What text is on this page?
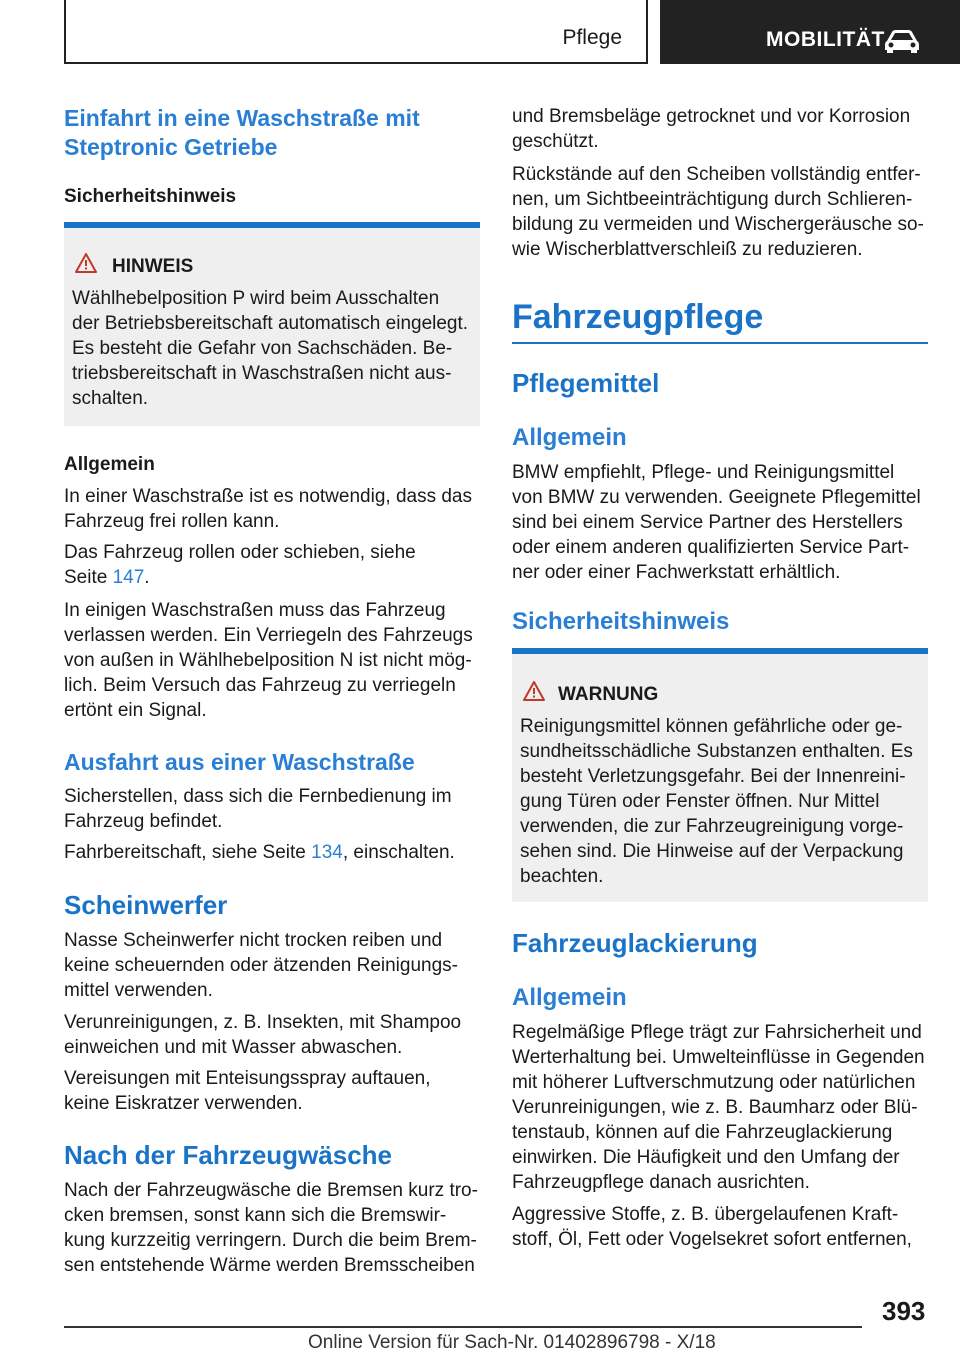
Pflege	MOBILITÄT
Einfahrt in eine Waschstraße mit
Steptronic Getriebe
Sicherheitshinweis
HINWEIS
Wählhebelposition P wird beim Ausschalten
der Betriebsbereitschaft automatisch eingelegt.
Es besteht die Gefahr von Sachschäden. Be-
triebsbereitschaft in Waschstraßen nicht aus-
schalten.
Allgemein
In einer Waschstraße ist es notwendig, dass das
Fahrzeug frei rollen kann.
Das Fahrzeug rollen oder schieben, siehe
Seite 147.
In einigen Waschstraßen muss das Fahrzeug
verlassen werden. Ein Verriegeln des Fahrzeugs
von außen in Wählhebelposition N ist nicht mög-
lich. Beim Versuch das Fahrzeug zu verriegeln
ertönt ein Signal.
Ausfahrt aus einer Waschstraße
Sicherstellen, dass sich die Fernbedienung im
Fahrzeug befindet.
Fahrbereitschaft, siehe Seite 134, einschalten.
Scheinwerfer
Nasse Scheinwerfer nicht trocken reiben und
keine scheuernden oder ätzenden Reinigungs-
mittel verwenden.
Verunreinigungen, z. B. Insekten, mit Shampoo
einweichen und mit Wasser abwaschen.
Vereisungen mit Enteisungsspray auftauen,
keine Eiskratzer verwenden.
Nach der Fahrzeugwäsche
Nach der Fahrzeugwäsche die Bremsen kurz tro-
cken bremsen, sonst kann sich die Bremswir-
kung kurzzeitig verringern. Durch die beim Brem-
sen entstehende Wärme werden Bremsscheiben
und Bremsbeläge getrocknet und vor Korrosion
geschützt.
Rückstände auf den Scheiben vollständig entfer-
nen, um Sichtbeeinträchtigung durch Schlieren-
bildung zu vermeiden und Wischergeräusche so-
wie Wischerblattverschleiß zu reduzieren.
Fahrzeugpflege
Pflegemittel
Allgemein
BMW empfiehlt, Pflege- und Reinigungsmittel
von BMW zu verwenden. Geeignete Pflegemittel
sind bei einem Service Partner des Herstellers
oder einem anderen qualifizierten Service Part-
ner oder einer Fachwerkstatt erhältlich.
Sicherheitshinweis
WARNUNG
Reinigungsmittel können gefährliche oder ge-
sundheitsschädliche Substanzen enthalten. Es
besteht Verletzungsgefahr. Bei der Innenreini-
gung Türen oder Fenster öffnen. Nur Mittel
verwenden, die zur Fahrzeugreinigung vorge-
sehen sind. Die Hinweise auf der Verpackung
beachten.
Fahrzeuglackierung
Allgemein
Regelmäßige Pflege trägt zur Fahrsicherheit und
Werterhaltung bei. Umwelteinflüsse in Gegenden
mit höherer Luftverschmutzung oder natürlichen
Verunreinigungen, wie z. B. Baumharz oder Blü-
tenstaub, können auf die Fahrzeuglackierung
einwirken. Die Häufigkeit und den Umfang der
Fahrzeugpflege danach ausrichten.
Aggressive Stoffe, z. B. übergelaufenen Kraft-
stoff, Öl, Fett oder Vogelsekret sofort entfernen,
393
Online Version für Sach-Nr. 01402896798 - X/18
